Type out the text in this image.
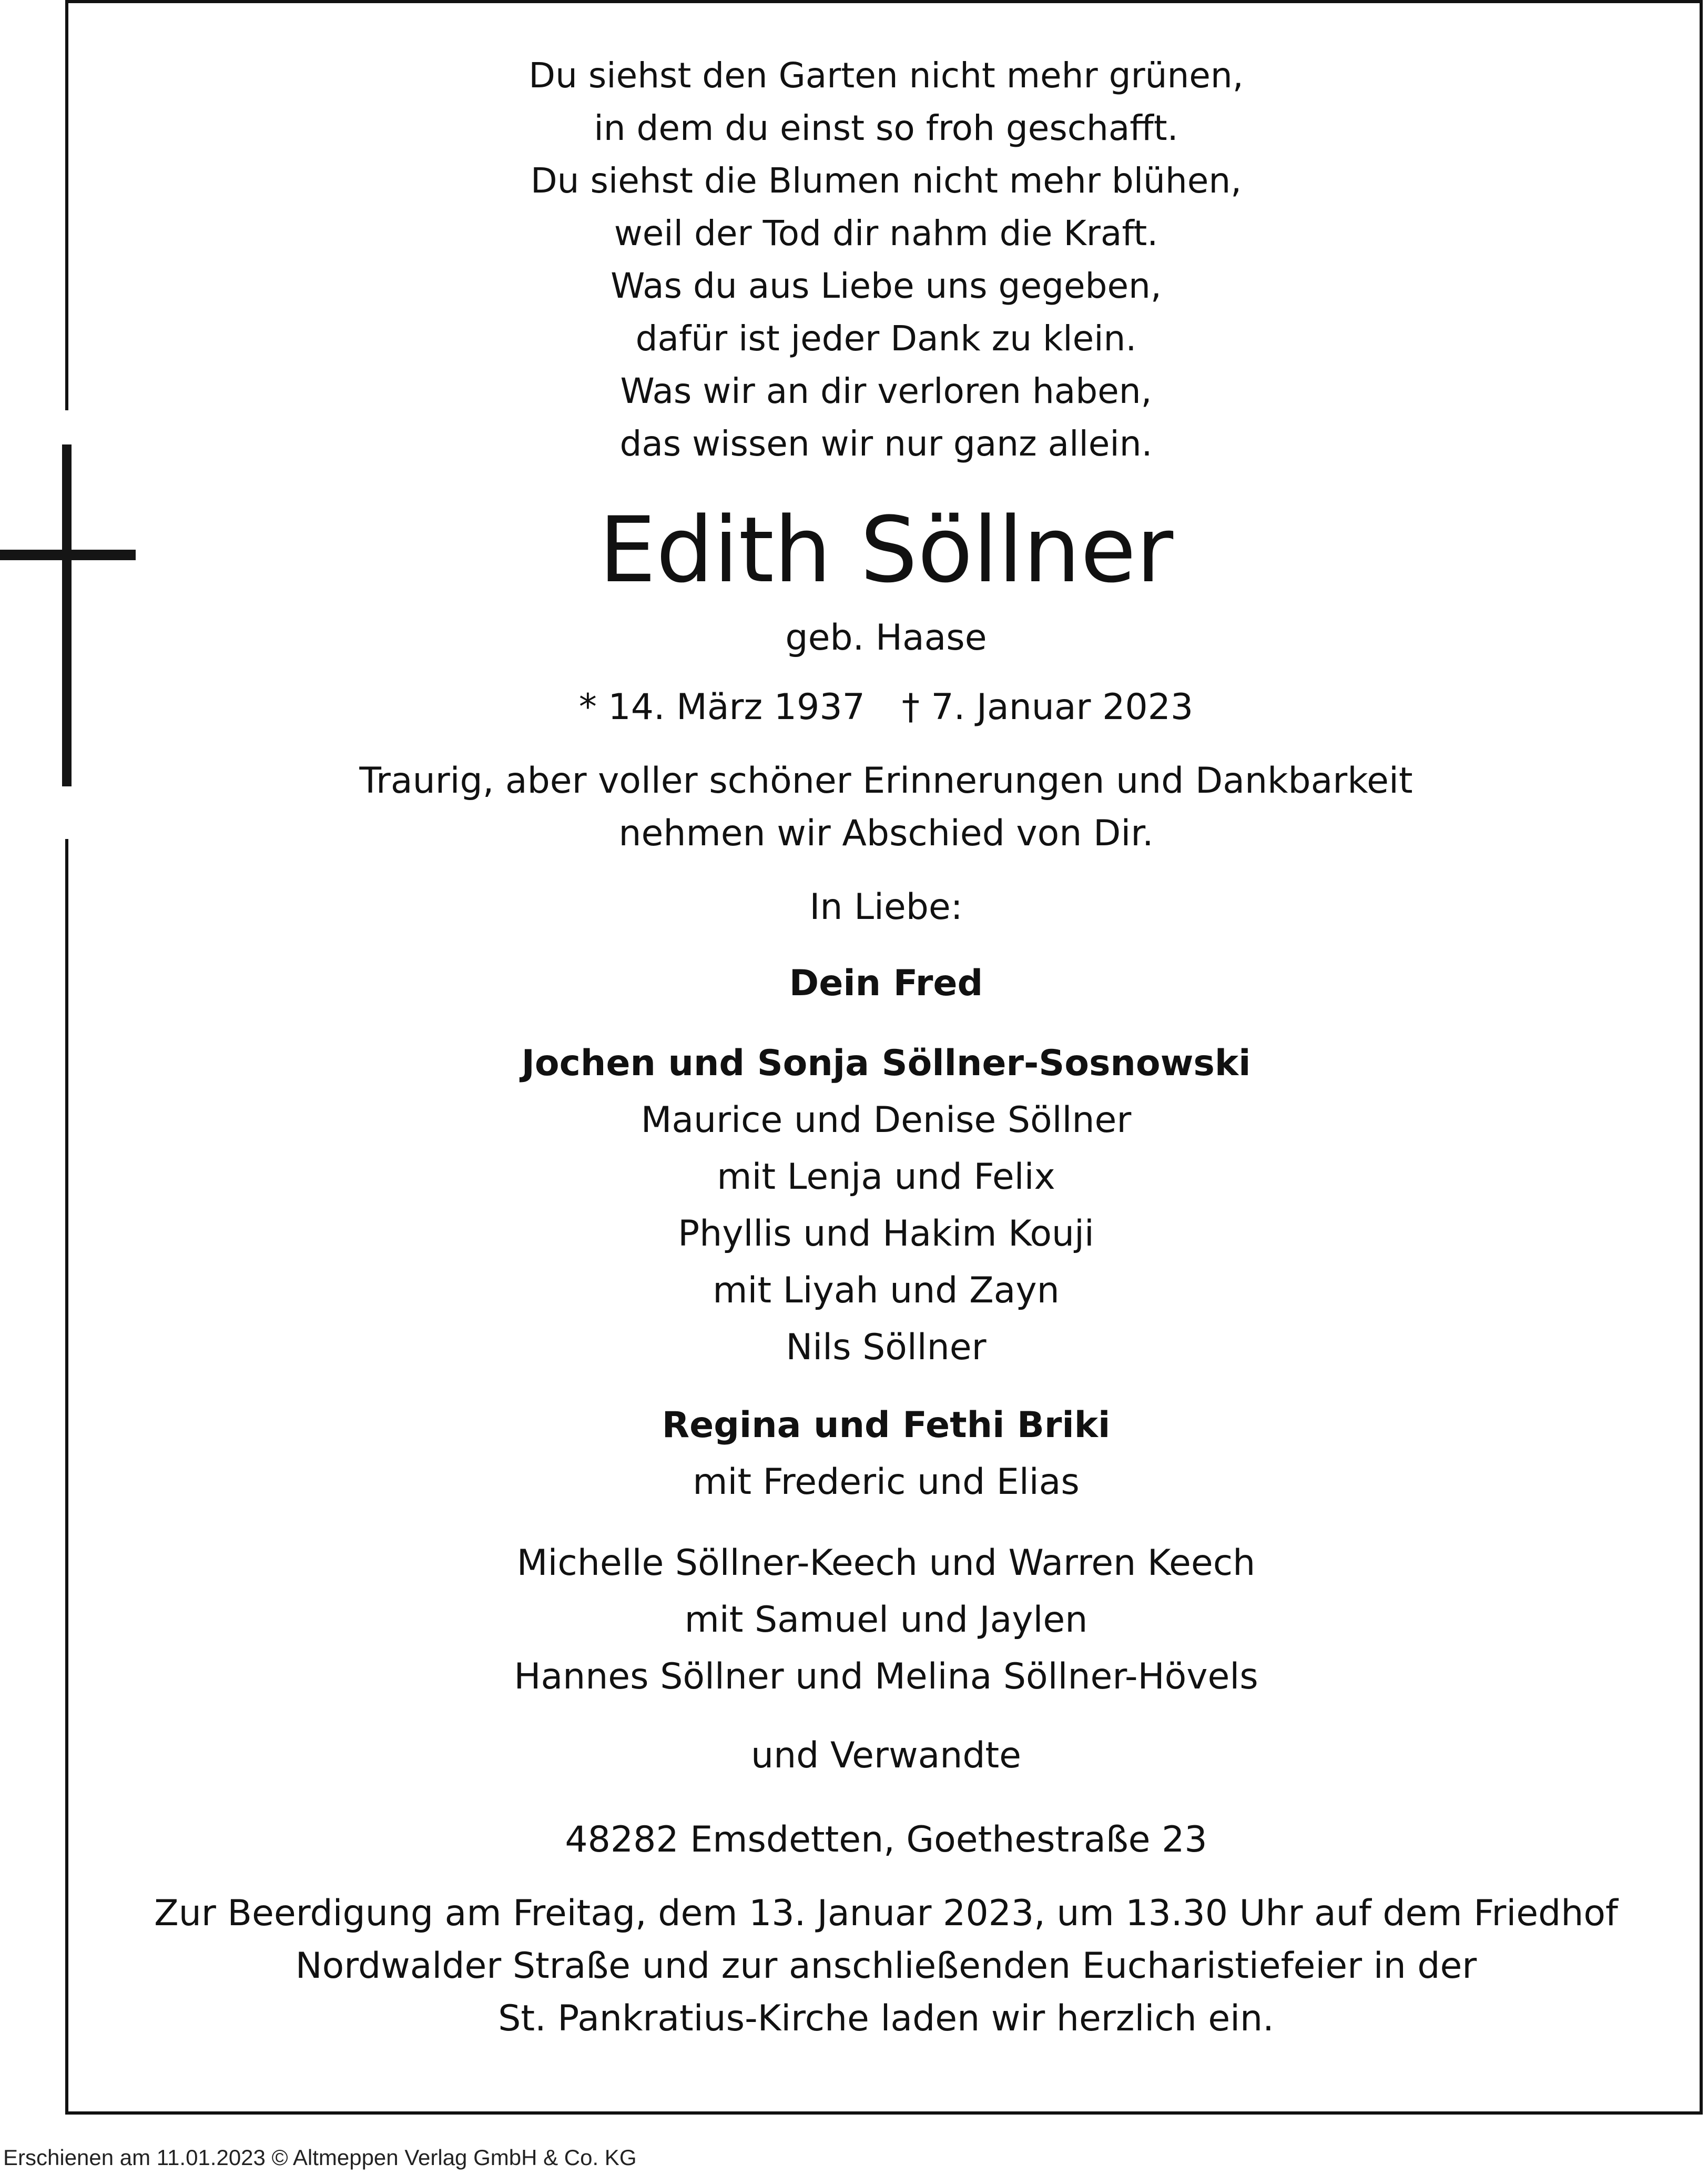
Du siehst den Garten nicht mehr grünen,
in dem du einst so froh geschafft.
Du siehst die Blumen nicht mehr blühen,
weil der Tod dir nahm die Kraft.
Was du aus Liebe uns gegeben,
dafür ist jeder Dank zu klein.
Was wir an dir verloren haben,
das wissen wir nur ganz allein.
Edith Söllner
geb. Haase
* 14. März 1937 † 7. Januar 2023
Traurig, aber voller schöner Erinnerungen und Dankbarkeit
nehmen wir Abschied von Dir.
In Liebe:
Dein Fred
Jochen und Sonja Söllner-Sosnowski
Maurice und Denise Söllner
mit Lenja und Felix
Phyllis und Hakim Kouji
mit Liyah und Zayn
Nils Söllner
Regina und Fethi Briki
mit Frederic und Elias
Michelle Söllner-Keech und Warren Keech
mit Samuel und Jaylen
Hannes Söllner und Melina Söllner-Hövels
und Verwandte
48282 Emsdetten, Goethestraße 23
Zur Beerdigung am Freitag, dem 13. Januar 2023, um 13.30 Uhr auf dem Friedhof
Nordwalder Straße und zur anschließenden Eucharistiefeier in der
St. Pankratius-Kirche laden wir herzlich ein.
Erschienen am 11.01.2023 © Altmeppen Verlag GmbH & Co. KG
